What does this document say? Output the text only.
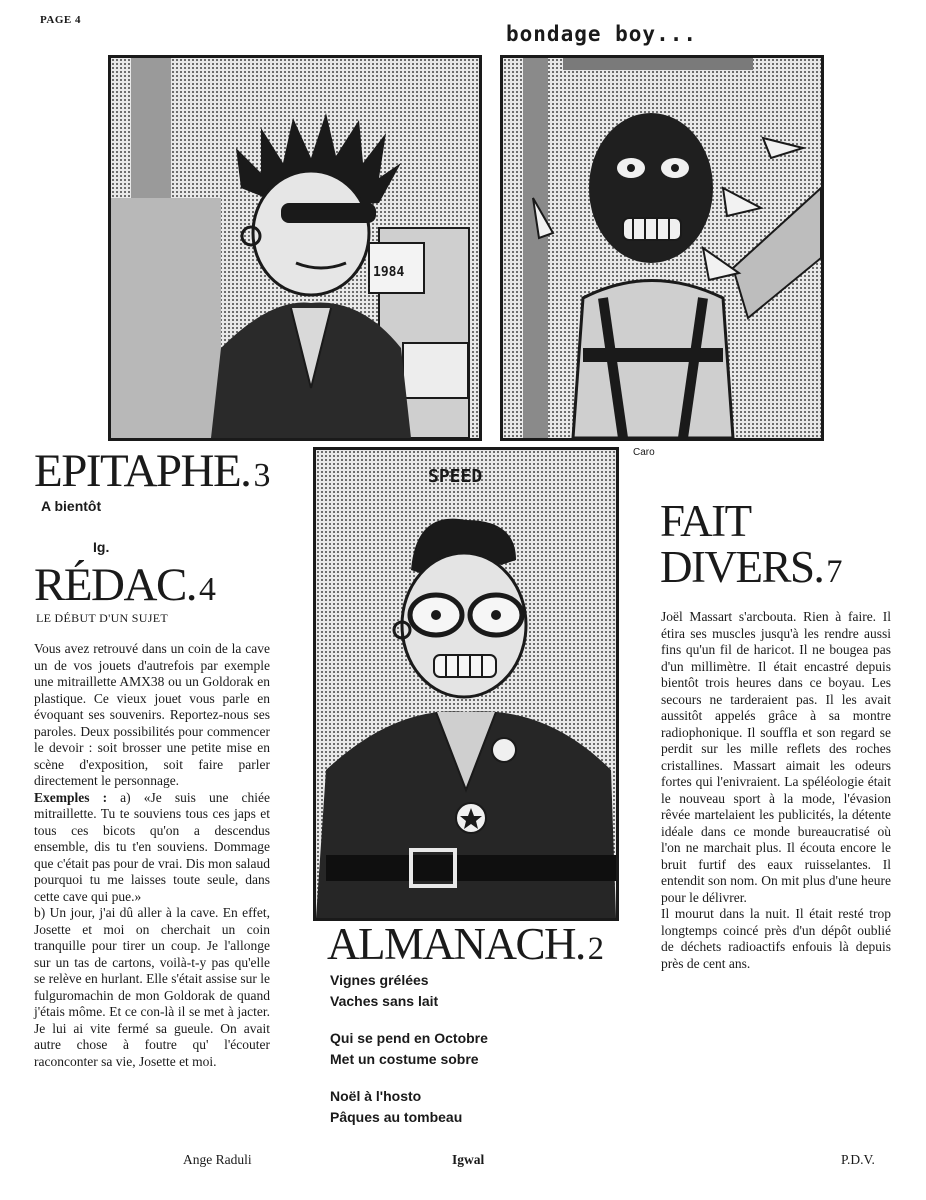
PAGE 4
bondage boy...
1984
Caro
SPEED
EPITAPHE.3
A bientôt
Ig.
RÉDAC.4
LE DÉBUT D'UN SUJET

Vous avez retrouvé dans un coin de la cave un de vos jouets d'autrefois par exemple une mitraillette AMX38 ou un Goldorak en plastique. Ce vieux jouet vous parle en évoquant ses souvenirs. Reportez-nous ses paroles. Deux possibilités pour commencer le devoir : soit brosser une petite mise en scène d'exposition, soit faire parler directement le personnage.

Exemples : a) «Je suis une chiée mitraillette. Tu te souviens tous ces japs et tous ces bicots qu'on a descendus ensemble, dis tu t'en souviens. Dommage que c'était pas pour de vrai. Dis mon salaud pourquoi tu me laisses toute seule, dans cette cave qui pue.»

b) Un jour, j'ai dû aller à la cave. En effet, Josette et moi on cherchait un coin tranquille pour tirer un coup. Je l'allonge sur un tas de cartons, voilà-t-y pas qu'elle se relève en hurlant. Elle s'était assise sur le fulguromachin de mon Goldorak de quand j'étais môme. Et ce con-là il se met à jacter. Je lui ai vite fermé sa gueule. On avait autre chose à foutre qu' l'écouter raconconter sa vie, Josette et moi.

Ange Raduli
ALMANACH.2
Vignes grélées
Vaches sans lait
Qui se pend en Octobre
Met un costume sobre
Noël à l'hosto
Pâques au tombeau
Igwal
FAIT
DIVERS.7

Joël Massart s'arcbouta. Rien à faire. Il étira ses muscles jusqu'à les rendre aussi fins qu'un fil de haricot. Il ne bougea pas d'un millimètre. Il était encastré depuis bientôt trois heures dans ce boyau. Les secours ne tarderaient pas. Il les avait aussitôt appelés grâce à sa montre radiophonique. Il souffla et son regard se perdit sur les mille reflets des roches cristallines. Massart aimait les odeurs fortes qui l'enivraient. La spéléologie était le nouveau sport à la mode, l'évasion rêvée martelaient les publicités, la détente idéale dans ce monde bureaucratisé où l'on ne marchait plus. Il écouta encore le bruit furtif des eaux ruisselantes. Il entendit son nom. On mit plus d'une heure pour le délivrer.

Il mourut dans la nuit. Il était resté trop longtemps coincé près d'un dépôt oublié de déchets radioactifs enfouis là depuis près de cent ans.

P.D.V.
